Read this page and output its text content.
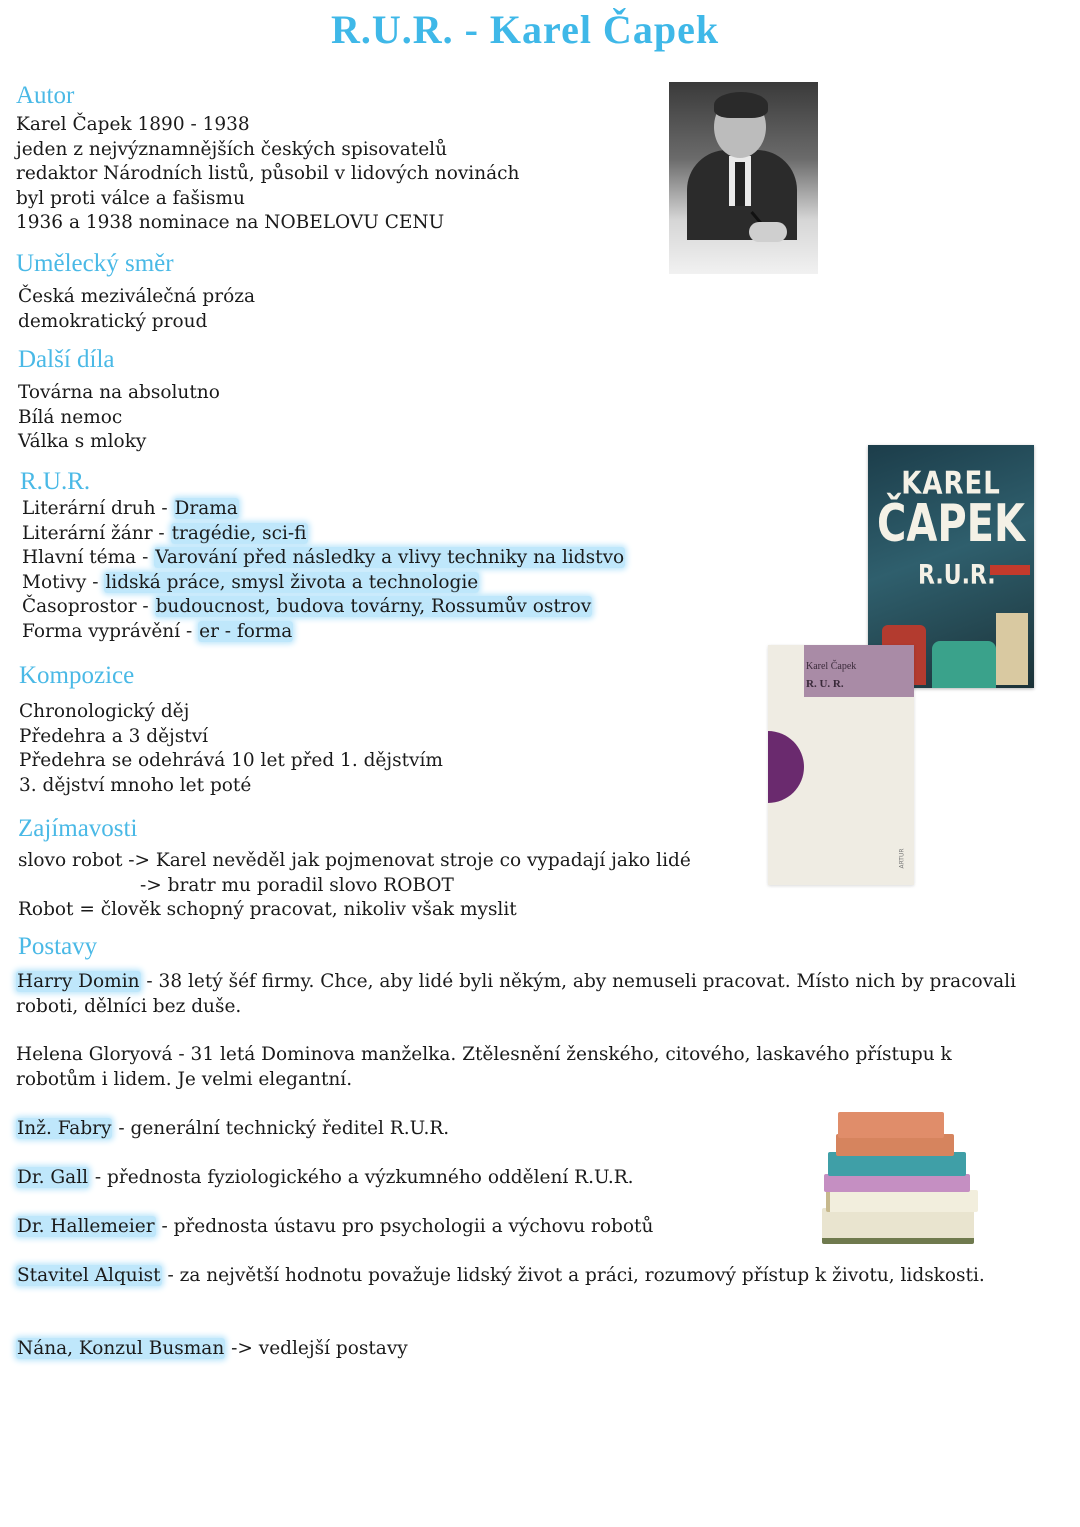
R.U.R. - Karel Čapek
Autor
Karel Čapek 1890 - 1938
jeden z nejvýznamnějších českých spisovatelů
redaktor Národních listů, působil v lidových novinách
byl proti válce a fašismu
1936 a 1938 nominace na NOBELOVU CENU
Umělecký směr
Česká meziválečná próza
demokratický proud
Další díla
Továrna na absolutno
Bílá nemoc
Válka s mloky
R.U.R.
Literární druh - Drama
Literární žánr - tragédie, sci-fi
Hlavní téma - Varování před následky a vlivy techniky na lidstvo
Motivy - lidská práce, smysl života a technologie
Časoprostor - budoucnost, budova továrny, Rossumův ostrov
Forma vyprávění - er - forma
KAREL
ČAPEK
R.U.R.
Karel Čapek
R. U. R.
ARTUR
Kompozice
Chronologický děj
Předehra a 3 dějství
Předehra se odehrává 10 let před 1. dějstvím
3. dějství mnoho let poté
Zajímavosti
slovo robot -> Karel nevěděl jak pojmenovat stroje co vypadají jako lidé
-> bratr mu poradil slovo ROBOT
Robot = člověk schopný pracovat, nikoliv však myslit
Postavy

Harry Domin - 38 letý šéf firmy. Chce, aby lidé byli někým, aby nemuseli pracovat. Místo nich by pracovali roboti, dělníci bez duše.

Helena Gloryová - 31 letá Dominova manželka. Ztělesnění ženského, citového, laskavého přístupu k robotům i lidem. Je velmi elegantní.

Inž. Fabry - generální technický ředitel R.U.R.

Dr. Gall - přednosta fyziologického a výzkumného oddělení R.U.R.

Dr. Hallemeier - přednosta ústavu pro psychologii a výchovu robotů

Stavitel Alquist - za největší hodnotu považuje lidský život a práci, rozumový přístup k životu, lidskosti.

Nána, Konzul Busman -> vedlejší postavy
